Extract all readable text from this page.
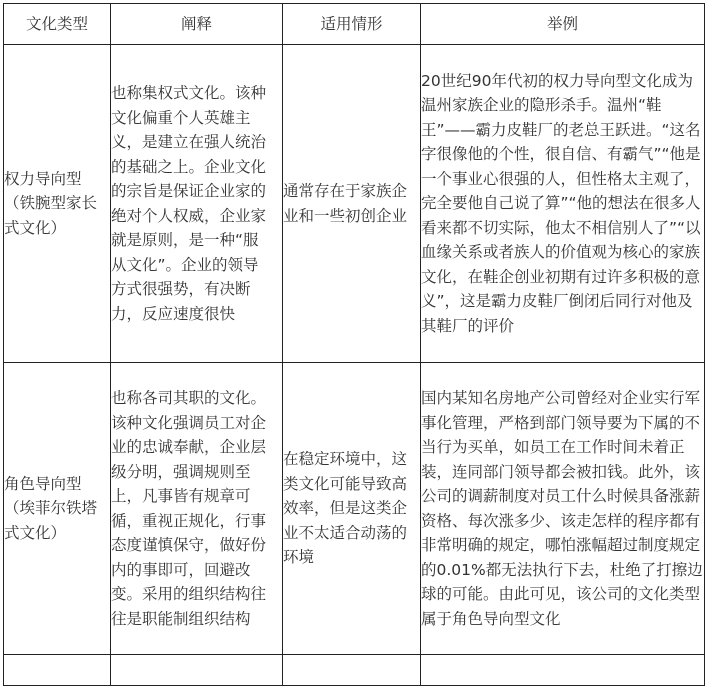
文化类型	阐释	适用情形	举例
权力导向型（铁腕型家长式文化）	也称集权式文化。该种文化偏重个人英雄主义，是建立在强人统治的基础之上。企业文化的宗旨是保证企业家的绝对个人权威，企业家就是原则，是一种“服从文化”。企业的领导方式很强势，有决断力，反应速度很快	通常存在于家族企业和一些初创企业	20世纪90年代初的权力导向型文化成为温州家族企业的隐形杀手。温州“鞋王”——霸力皮鞋厂的老总王跃进。“这名字很像他的个性，很自信、有霸气”“他是一个事业心很强的人，但性格太主观了，完全要他自己说了算”“他的想法在很多人看来都不切实际，他太不相信别人了”“以血缘关系或者族人的价值观为核心的家族文化，在鞋企创业初期有过许多积极的意义”，这是霸力皮鞋厂倒闭后同行对他及其鞋厂的评价
角色导向型（埃菲尔铁塔式文化）	也称各司其职的文化。该种文化强调员工对企业的忠诚奉献，企业层级分明，强调规则至上，凡事皆有规章可循，重视正规化，行事态度谨慎保守，做好份内的事即可，回避改变。采用的组织结构往往是职能制组织结构	在稳定环境中，这类文化可能导致高效率，但是这类企业不太适合动荡的环境	国内某知名房地产公司曾经对企业实行军事化管理，严格到部门领导要为下属的不当行为买单，如员工在工作时间未着正装，连同部门领导都会被扣钱。此外，该公司的调薪制度对员工什么时候具备涨薪资格、每次涨多少、该走怎样的程序都有非常明确的规定，哪怕涨幅超过制度规定的0.01%都无法执行下去，杜绝了打擦边球的可能。由此可见，该公司的文化类型属于角色导向型文化
